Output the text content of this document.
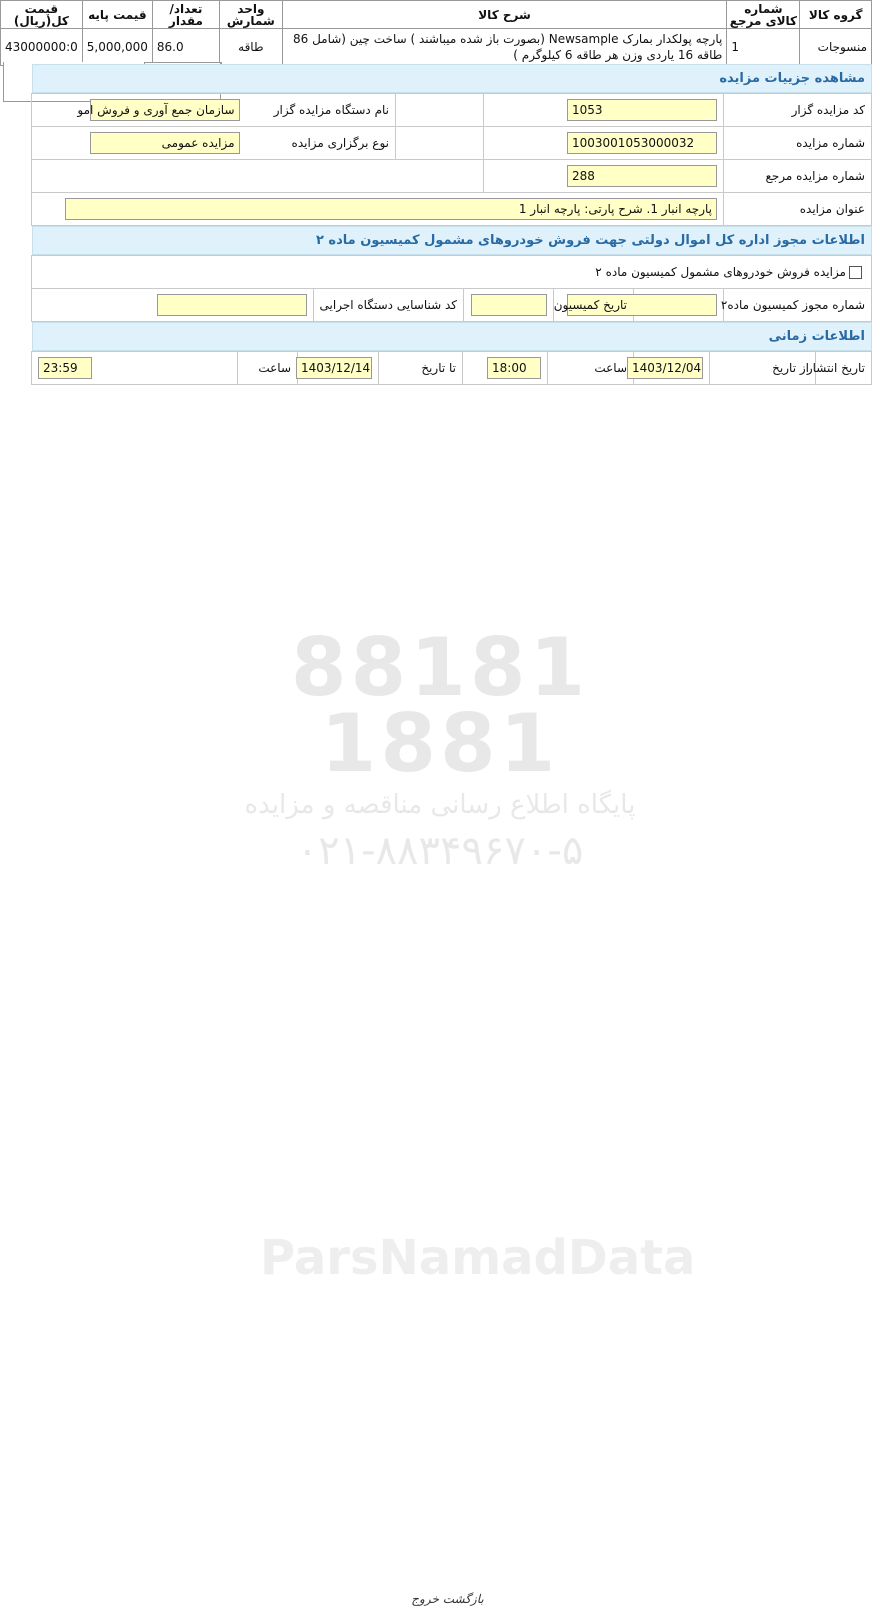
88181 1881
پایگاه اطلاع رسانی مناقصه و مزایده
۰۲۱-۸۸۳۴۹۶۷۰-۵
ParsNamadData
گروه کالا	شماره کالای مرجع	شرح کالا	واحد شمارش	تعداد/مقدار	قیمت پایه	قیمت کل(ریال)
منسوجات	1	پارچه پولکدار بمارک Newsample (بصورت باز شده میباشند ) ساخت چین (شامل 86 طاقه 16 یاردی وزن هر طاقه 6 کیلوگرم )	طاقه	86.0	5,000,000	43000000:0
مشاهده جزییات مزایده
کد مزایده گزار	1053		نام دستگاه مزایده گزار	سازمان جمع آوری و فروش امو
شماره مزایده	1003001053000032		نوع برگزاری مزایده	مزایده عمومی
شماره مزایده مرجع	288			
عنوان مزایده	پارچه انبار 1. شرح پارتی: پارچه انبار 1			
اطلاعات مجوز اداره کل اموال دولتی جهت فروش خودروهای مشمول کمیسیون ماده ۲
مزایده فروش خودروهای مشمول کمیسیون ماده ۲
شماره مجوز کمیسیون ماده۲		تاریخ کمیسیون		کد شناسایی دستگاه اجرایی	
اطلاعات زمانی
تاریخ انتشار	از تاریخ	1403/12/04	ساعت	18:00	تا تاریخ	1403/12/14	ساعت	23:59
بازگشت خروج
